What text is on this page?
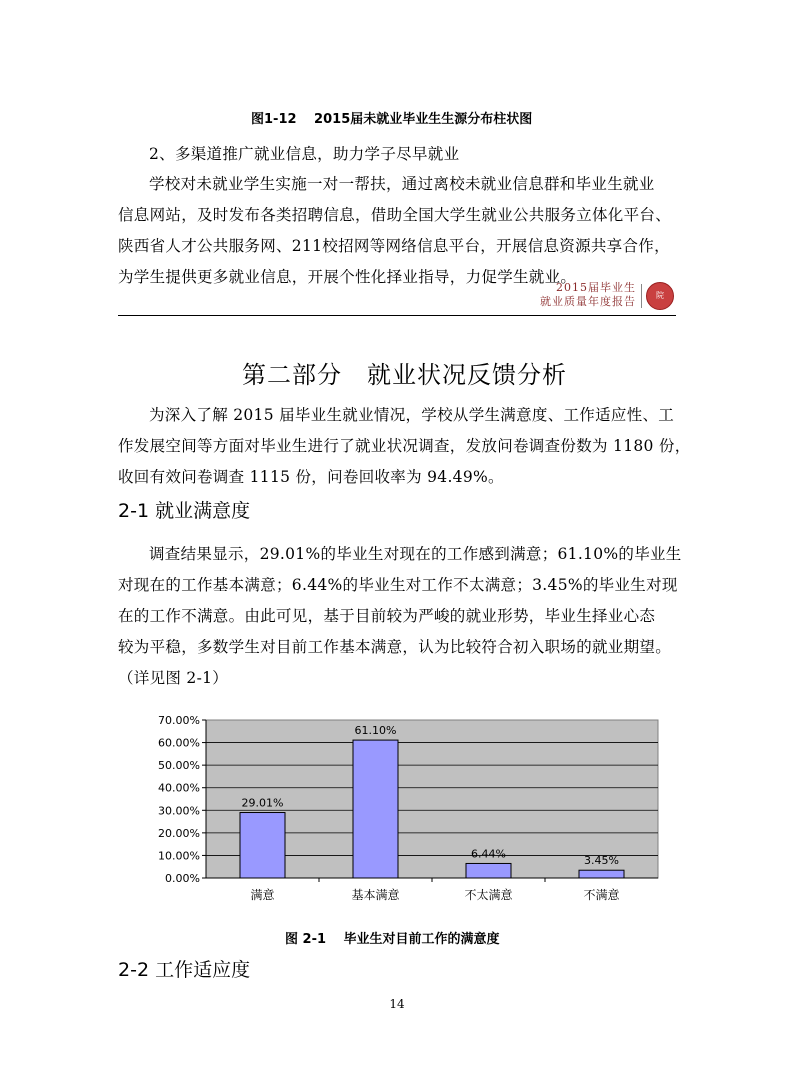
图1-12　 2015届未就业毕业生生源分布柱状图
2、多渠道推广就业信息，助力学子尽早就业
学校对未就业学生实施一对一帮扶，通过离校未就业信息群和毕业生就业
信息网站，及时发布各类招聘信息，借助全国大学生就业公共服务立体化平台、
陕西省人才公共服务网、211校招网等网络信息平台，开展信息资源共享合作，
为学生提供更多就业信息，开展个性化择业指导，力促学生就业。
2015届毕业生
就业质量年度报告	院
第二部分　就业状况反馈分析
为深入了解 2015 届毕业生就业情况，学校从学生满意度、工作适应性、工
作发展空间等方面对毕业生进行了就业状况调查，发放问卷调查份数为 1180 份，
收回有效问卷调查 1115 份，问卷回收率为 94.49%。
2-1 就业满意度
调查结果显示，29.01%的毕业生对现在的工作感到满意；61.10%的毕业生
对现在的工作基本满意；6.44%的毕业生对工作不太满意；3.45%的毕业生对现
在的工作不满意。由此可见，基于目前较为严峻的就业形势，毕业生择业心态
较为平稳，多数学生对目前工作基本满意，认为比较符合初入职场的就业期望。
（详见图 2-1）
0.00%
10.00%
20.00%
30.00%
40.00%
50.00%
60.00%
70.00%
29.01%
满意
61.10%
基本满意
6.44%
不太满意
3.45%
不满意
图 2-1　 毕业生对目前工作的满意度
2-2 工作适应度
14
